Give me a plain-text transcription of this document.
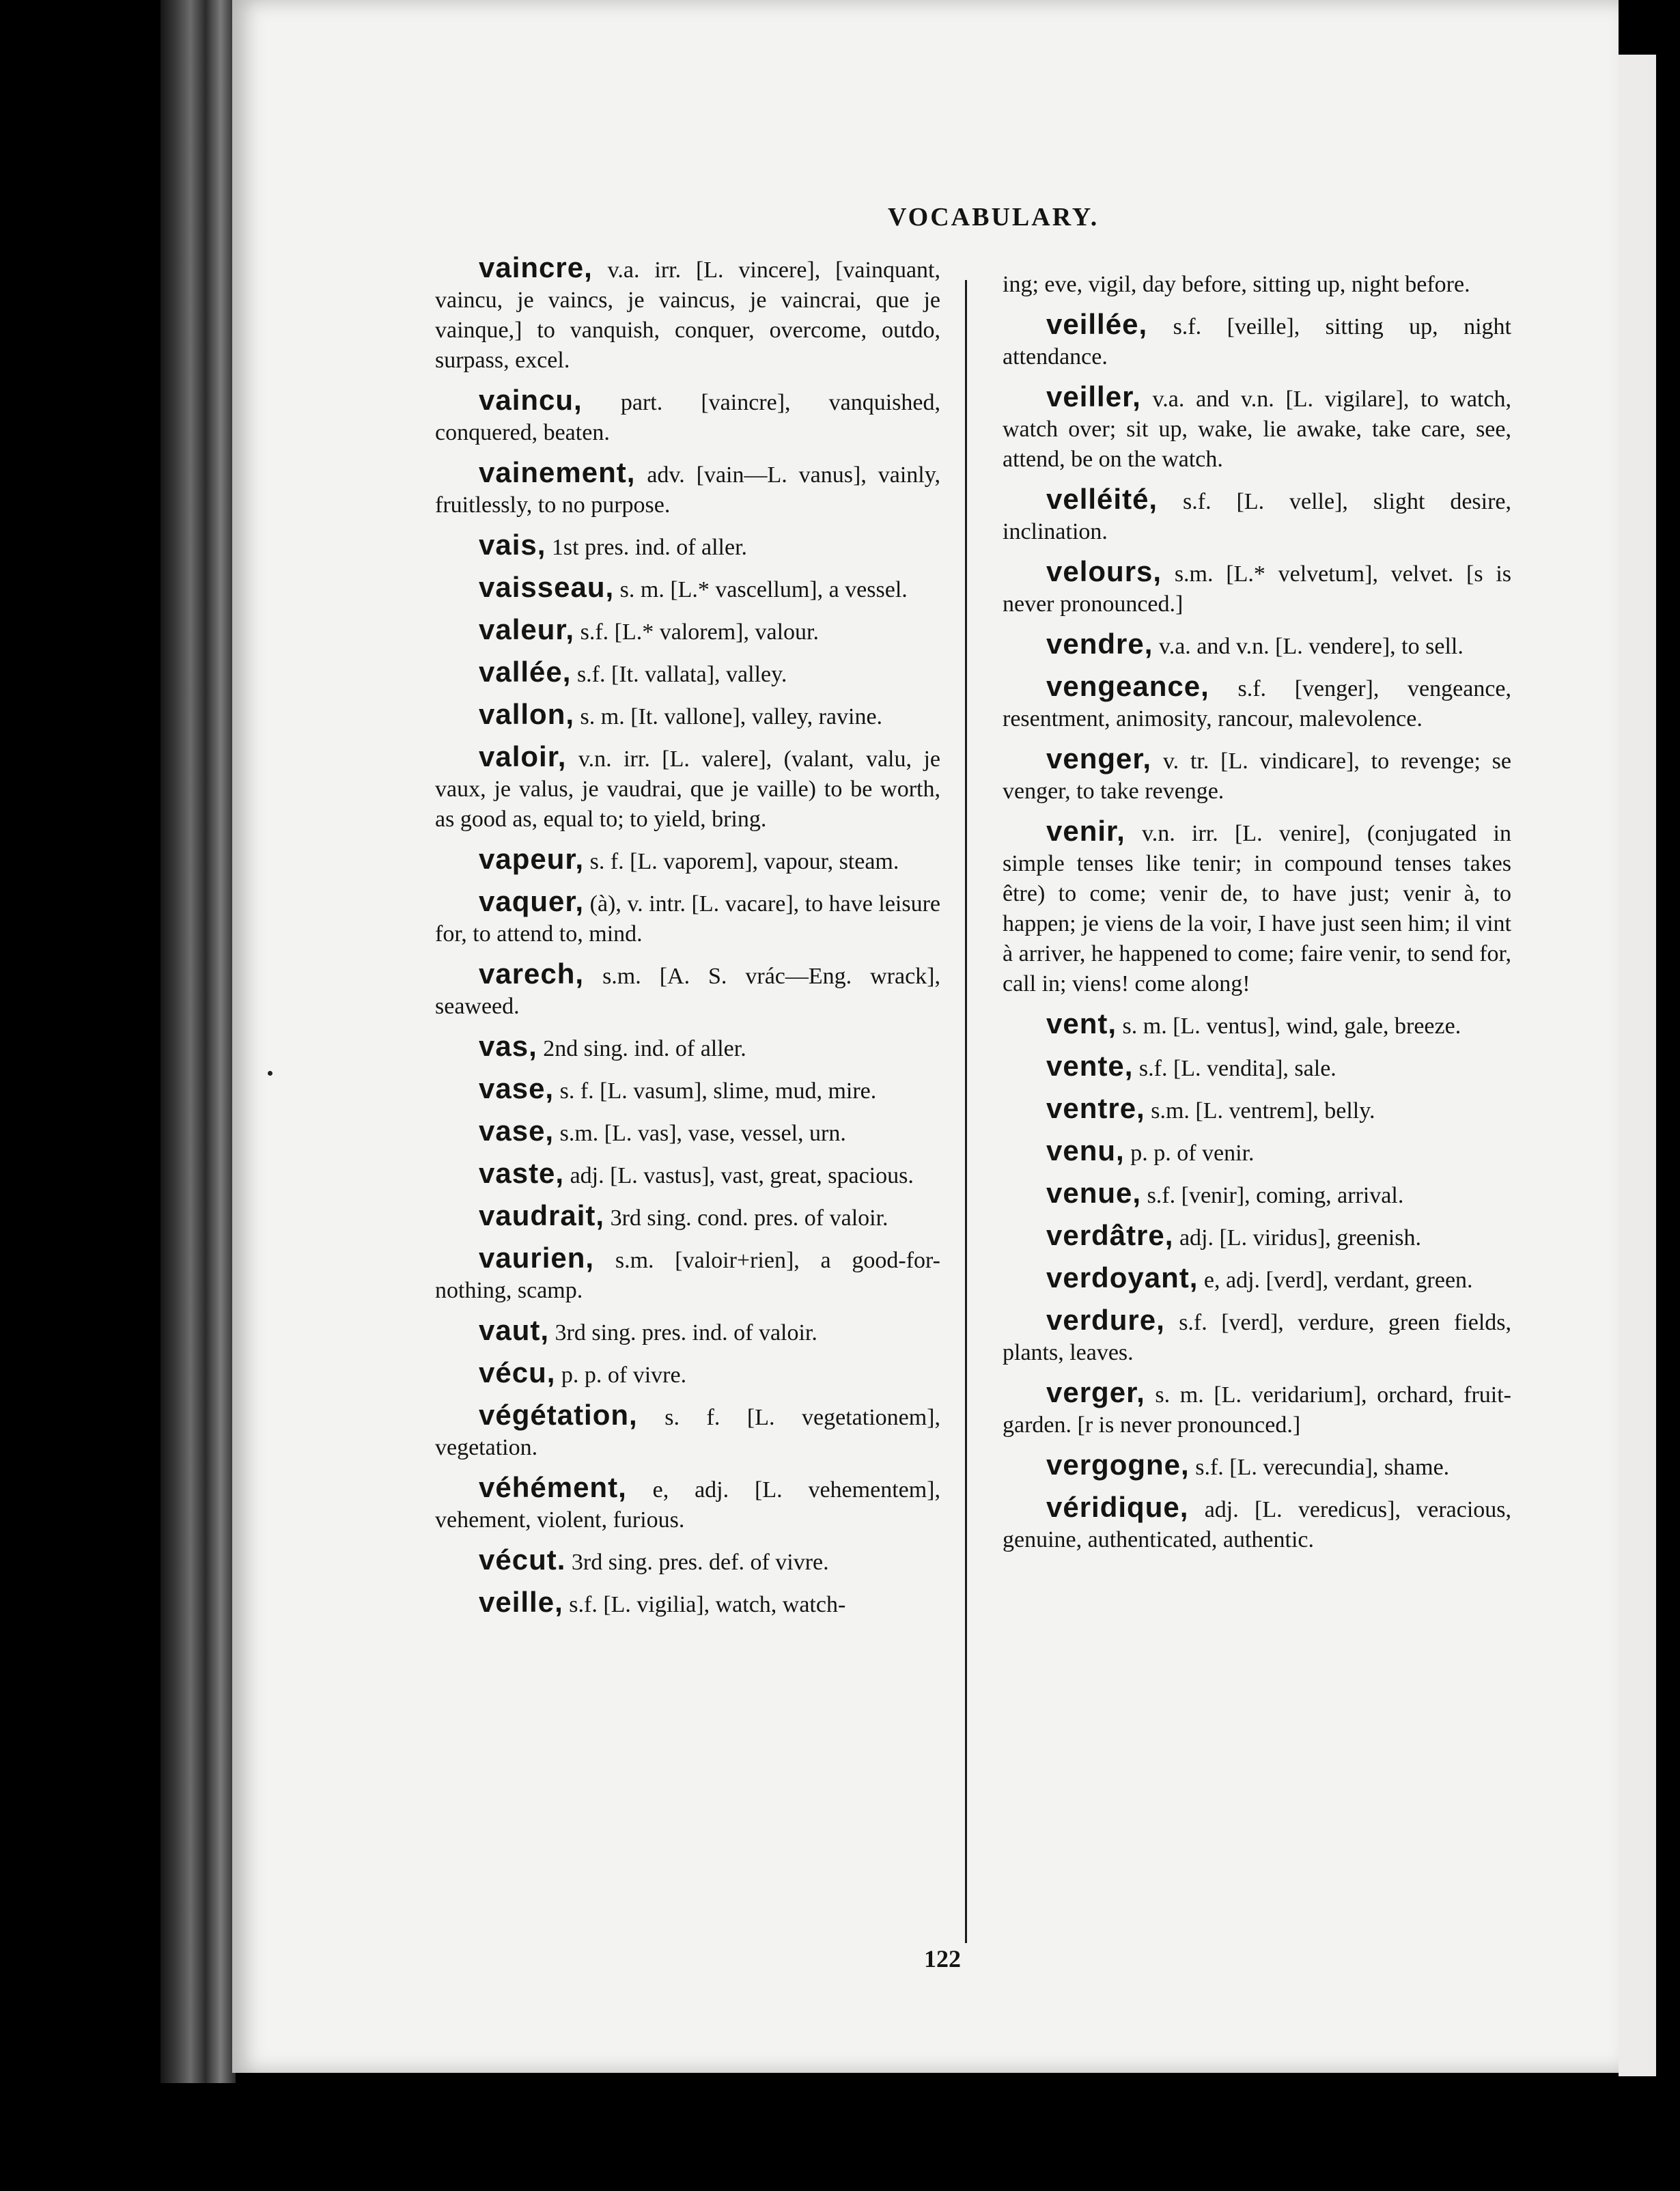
VOCABULARY.
vaincre, v.a. irr. [L. vincere], [vainquant, vaincu, je vaincs, je vaincus, je vaincrai, que je vainque,] to vanquish, conquer, overcome, outdo, surpass, excel.
vaincu, part. [vaincre], vanquished, conquered, beaten.
vainement, adv. [vain—L. vanus], vainly, fruitlessly, to no purpose.
vais, 1st pres. ind. of aller.
vaisseau, s. m. [L.* vascellum], a vessel.
valeur, s.f. [L.* valorem], valour.
vallée, s.f. [It. vallata], valley.
vallon, s. m. [It. vallone], valley, ravine.
valoir, v.n. irr. [L. valere], (valant, valu, je vaux, je valus, je vaudrai, que je vaille) to be worth, as good as, equal to; to yield, bring.
vapeur, s. f. [L. vaporem], vapour, steam.
vaquer, (à), v. intr. [L. vacare], to have leisure for, to attend to, mind.
varech, s.m. [A. S. vrác—Eng. wrack], seaweed.
vas, 2nd sing. ind. of aller.
vase, s. f. [L. vasum], slime, mud, mire.
vase, s.m. [L. vas], vase, vessel, urn.
vaste, adj. [L. vastus], vast, great, spacious.
vaudrait, 3rd sing. cond. pres. of valoir.
vaurien, s.m. [valoir+rien], a good-for-nothing, scamp.
vaut, 3rd sing. pres. ind. of valoir.
vécu, p. p. of vivre.
végétation, s. f. [L. vegetationem], vegetation.
véhément, e, adj. [L. vehementem], vehement, violent, furious.
vécut. 3rd sing. pres. def. of vivre.
veille, s.f. [L. vigilia], watch, watch-
ing; eve, vigil, day before, sitting up, night before.
veillée, s.f. [veille], sitting up, night attendance.
veiller, v.a. and v.n. [L. vigilare], to watch, watch over; sit up, wake, lie awake, take care, see, attend, be on the watch.
velléité, s.f. [L. velle], slight desire, inclination.
velours, s.m. [L.* velvetum], velvet. [s is never pronounced.]
vendre, v.a. and v.n. [L. vendere], to sell.
vengeance, s.f. [venger], vengeance, resentment, animosity, rancour, malevolence.
venger, v. tr. [L. vindicare], to revenge; se venger, to take revenge.
venir, v.n. irr. [L. venire], (conjugated in simple tenses like tenir; in compound tenses takes être) to come; venir de, to have just; venir à, to happen; je viens de la voir, I have just seen him; il vint à arriver, he happened to come; faire venir, to send for, call in; viens! come along!
vent, s. m. [L. ventus], wind, gale, breeze.
vente, s.f. [L. vendita], sale.
ventre, s.m. [L. ventrem], belly.
venu, p. p. of venir.
venue, s.f. [venir], coming, arrival.
verdâtre, adj. [L. viridus], greenish.
verdoyant, e, adj. [verd], verdant, green.
verdure, s.f. [verd], verdure, green fields, plants, leaves.
verger, s. m. [L. veridarium], orchard, fruit-garden. [r is never pronounced.]
vergogne, s.f. [L. verecundia], shame.
véridique, adj. [L. veredicus], veracious, genuine, authenticated, authentic.
122
